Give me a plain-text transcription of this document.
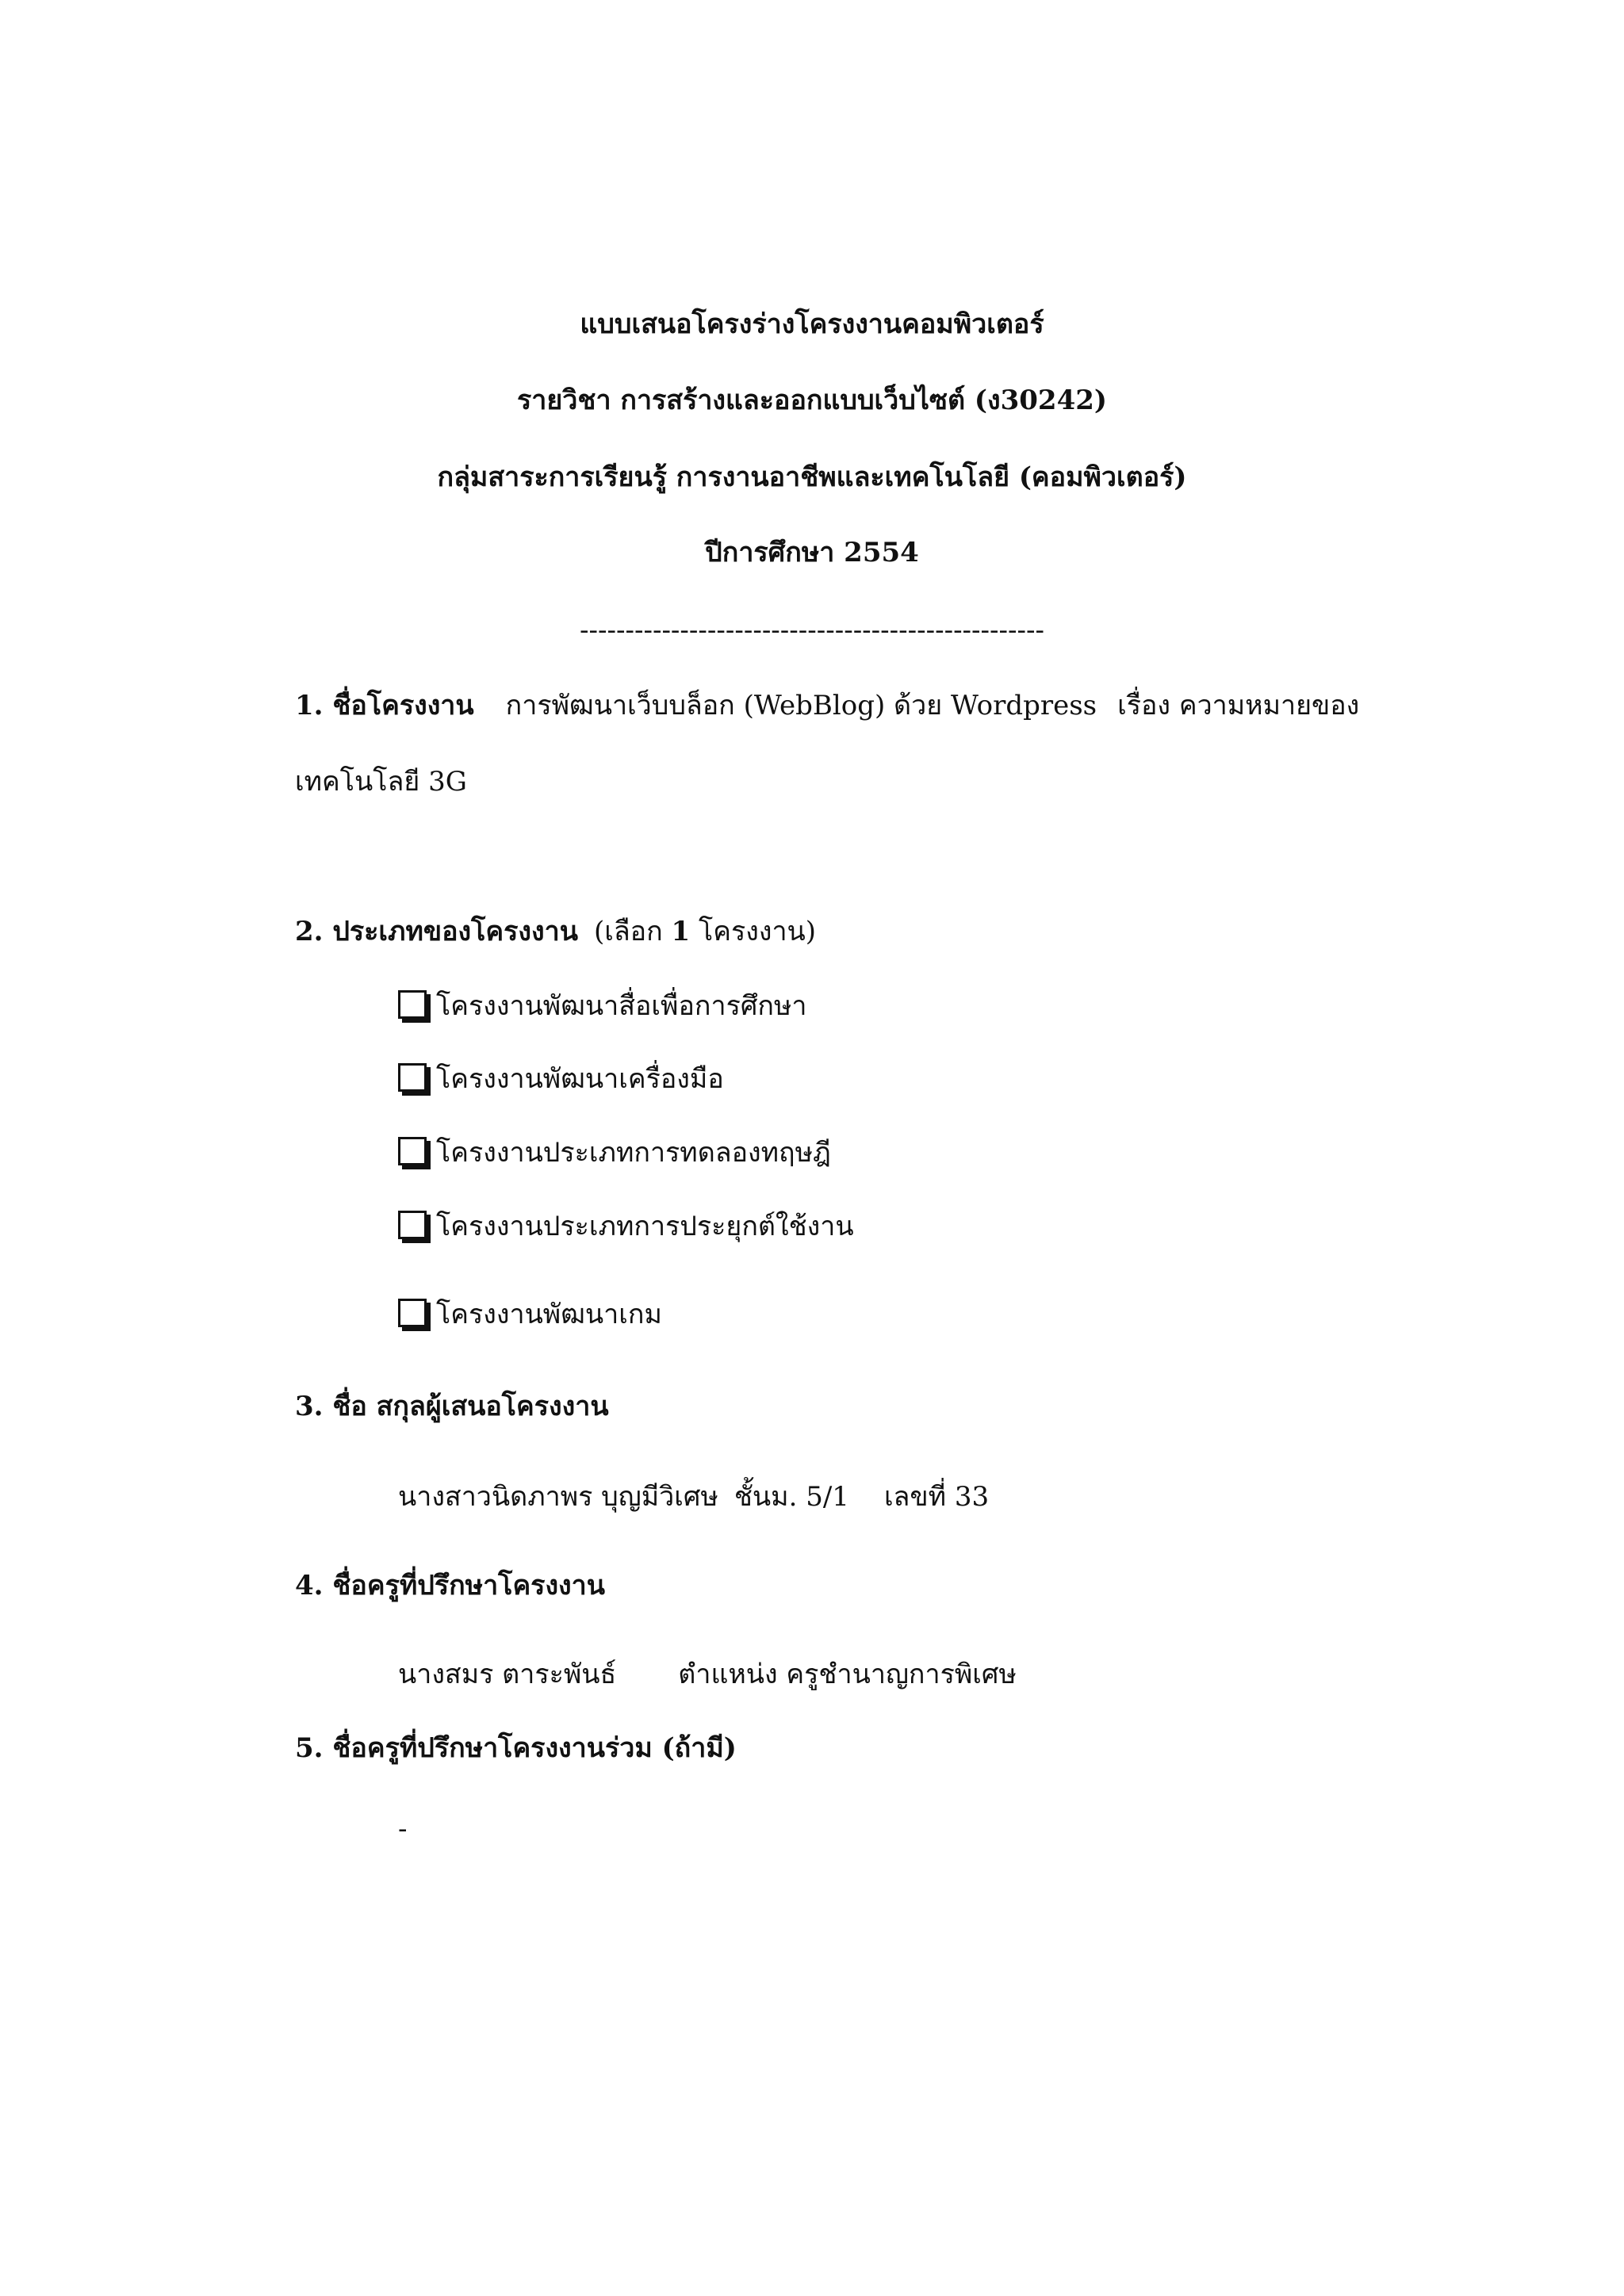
แบบเสนอโครงร่างโครงงานคอมพิวเตอร์
รายวิชา การสร้างและออกแบบเว็บไซต์ (ง30242)
กลุ่มสาระการเรียนรู้ การงานอาชีพและเทคโนโลยี (คอมพิวเตอร์)
ปีการศึกษา 2554
---------------------------------------------------
1. ชื่อโครงงาน การพัฒนาเว็บบล็อก (WebBlog) ด้วย Wordpress เรื่อง ความหมายของ
เทคโนโลยี 3G
2. ประเภทของโครงงาน (เลือก 1 โครงงาน)
โครงงานพัฒนาสื่อเพื่อการศึกษา
โครงงานพัฒนาเครื่องมือ
โครงงานประเภทการทดลองทฤษฎี
โครงงานประเภทการประยุกต์ใช้งาน
โครงงานพัฒนาเกม
3. ชื่อ สกุลผู้เสนอโครงงาน
นางสาวนิดภาพร บุญมีวิเศษ ชั้นม. 5/1 เลขที่ 33
4. ชื่อครูที่ปรึกษาโครงงาน
นางสมร ตาระพันธ์ ตำแหน่ง ครูชำนาญการพิเศษ
5. ชื่อครูที่ปรึกษาโครงงานร่วม (ถ้ามี)
-
